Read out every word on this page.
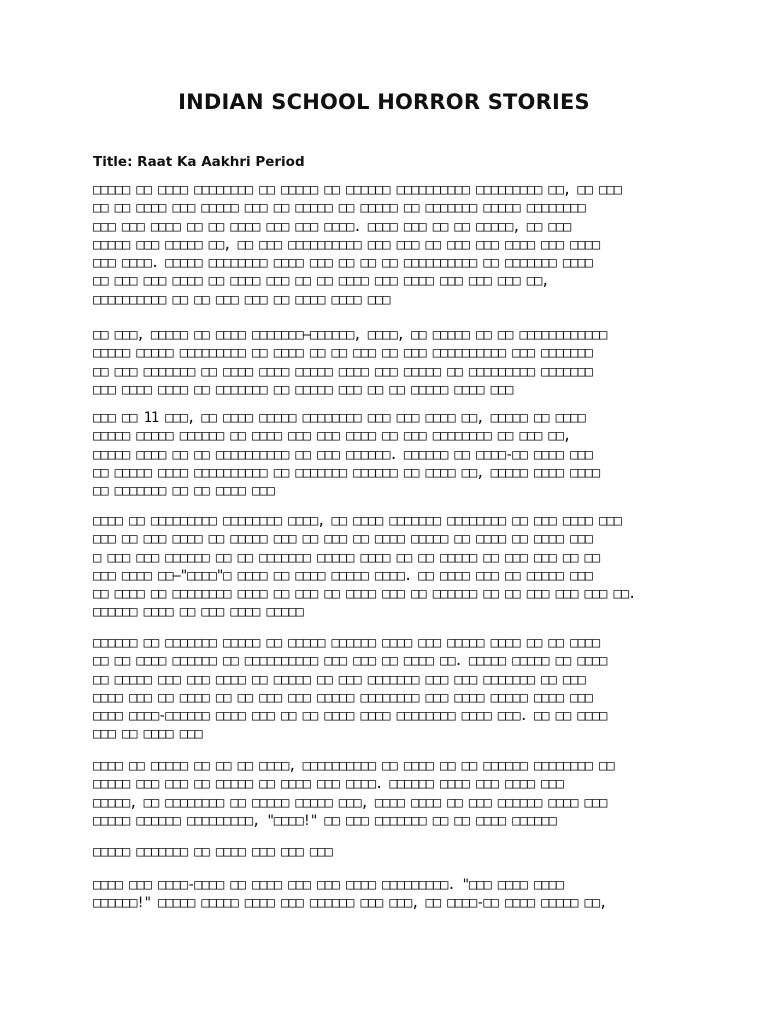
INDIAN SCHOOL HORROR STORIES
Title: Raat Ka Aakhri Period
□□□□□ □□ □□□□ □□□□□□□□ □□ □□□□□ □□ □□□□□□ □□□□□□□□□□ □□□□□□□□□ □□, □□ □□□
□□ □□ □□□□ □□□ □□□□□ □□□ □□ □□□□□ □□ □□□□□ □□ □□□□□□□ □□□□□ □□□□□□□□
□□□ □□□ □□□□ □□ □□ □□□□ □□□ □□□ □□□□. □□□□ □□□ □□ □□ □□□□□, □□ □□□
□□□□□ □□□ □□□□□ □□, □□ □□□ □□□□□□□□□□ □□□ □□□ □□ □□□ □□□ □□□□ □□□ □□□□
□□□ □□□□. □□□□□ □□□□□□□□ □□□□ □□□ □□ □□ □□ □□□□□□□□□□ □□ □□□□□□□ □□□□
□□ □□□ □□□ □□□□ □□ □□□□ □□□ □□ □□ □□□□ □□□ □□□□ □□□ □□□ □□□ □□,
□□□□□□□□□□ □□ □□ □□□ □□□ □□ □□□□ □□□□ □□□
□□ □□□, □□□□□ □□ □□□□ □□□□□□□—□□□□□□, □□□□, □□ □□□□□ □□ □□ □□□□□□□□□□□□
□□□□□ □□□□□ □□□□□□□□□ □□ □□□□ □□ □□ □□□ □□ □□□ □□□□□□□□□□ □□□ □□□□□□□
□□ □□□ □□□□□□□ □□ □□□□ □□□□ □□□□□ □□□□ □□□ □□□□□ □□ □□□□□□□□□ □□□□□□□
□□□ □□□□ □□□□ □□ □□□□□□□ □□ □□□□□ □□□ □□ □□ □□□□□ □□□□ □□□
□□□ □□ 11 □□□, □□ □□□□ □□□□□ □□□□□□□□ □□□ □□□ □□□□ □□, □□□□□ □□ □□□□
□□□□□ □□□□□ □□□□□□ □□ □□□□ □□□ □□□ □□□□ □□ □□□ □□□□□□□□ □□ □□□ □□,
□□□□□ □□□□ □□ □□ □□□□□□□□□□ □□ □□□ □□□□□□. □□□□□□ □□ □□□□-□□ □□□□ □□□
□□ □□□□□ □□□□ □□□□□□□□□□ □□ □□□□□□□ □□□□□□ □□ □□□□ □□, □□□□□ □□□□ □□□□
□□ □□□□□□□ □□ □□ □□□□ □□□
□□□□ □□ □□□□□□□□□ □□□□□□□□ □□□□, □□ □□□□ □□□□□□□ □□□□□□□□ □□ □□□ □□□□ □□□
□□□ □□ □□□ □□□□ □□ □□□□□ □□□ □□ □□□ □□ □□□□ □□□□□ □□ □□□□ □□ □□□□ □□□
□ □□□ □□□ □□□□□□ □□ □□ □□□□□□□ □□□□□ □□□□ □□ □□ □□□□□ □□ □□□ □□□ □□ □□
□□□ □□□□ □□—"□□□□"□ □□□□ □□ □□□□ □□□□□ □□□□. □□ □□□□ □□□ □□ □□□□□ □□□
□□ □□□□ □□ □□□□□□□□ □□□□ □□ □□□ □□ □□□□ □□□ □□ □□□□□□ □□ □□ □□□ □□□ □□□ □□.
□□□□□□ □□□□ □□ □□□ □□□□ □□□□□
□□□□□□ □□ □□□□□□□ □□□□□ □□ □□□□□ □□□□□□ □□□□ □□□ □□□□□ □□□□ □□ □□ □□□□
□□ □□ □□□□ □□□□□□ □□ □□□□□□□□□□ □□□ □□□ □□ □□□□ □□. □□□□□ □□□□□ □□ □□□□
□□ □□□□□ □□□ □□□ □□□□ □□ □□□□□ □□ □□□ □□□□□□□ □□□ □□□ □□□□□□□ □□ □□□
□□□□ □□□ □□ □□□□ □□ □□ □□□ □□□ □□□□□ □□□□□□□□ □□□ □□□□ □□□□□ □□□□ □□□
□□□□ □□□□-□□□□□□ □□□□ □□□ □□ □□ □□□□ □□□□ □□□□□□□□ □□□□ □□□. □□ □□ □□□□
□□□ □□ □□□□ □□□
□□□□ □□ □□□□□ □□ □□ □□ □□□□, □□□□□□□□□□ □□ □□□□ □□ □□ □□□□□□ □□□□□□□□ □□
□□□□□ □□□ □□□ □□ □□□□□ □□ □□□□ □□□ □□□□. □□□□□□ □□□□ □□□ □□□□ □□□
□□□□□, □□ □□□□□□□□ □□ □□□□□ □□□□□ □□□, □□□□ □□□□ □□ □□□ □□□□□□ □□□□ □□□
□□□□□ □□□□□□ □□□□□□□□□, "□□□□!" □□ □□□ □□□□□□□ □□ □□ □□□□ □□□□□□
□□□□□ □□□□□□□ □□ □□□□ □□□ □□□ □□□
□□□□ □□□ □□□□-□□□□ □□ □□□□ □□□ □□□ □□□□ □□□□□□□□□. "□□□ □□□□ □□□□
□□□□□□!" □□□□□ □□□□□ □□□□ □□□ □□□□□□ □□□ □□□, □□ □□□□-□□ □□□□ □□□□□ □□,
